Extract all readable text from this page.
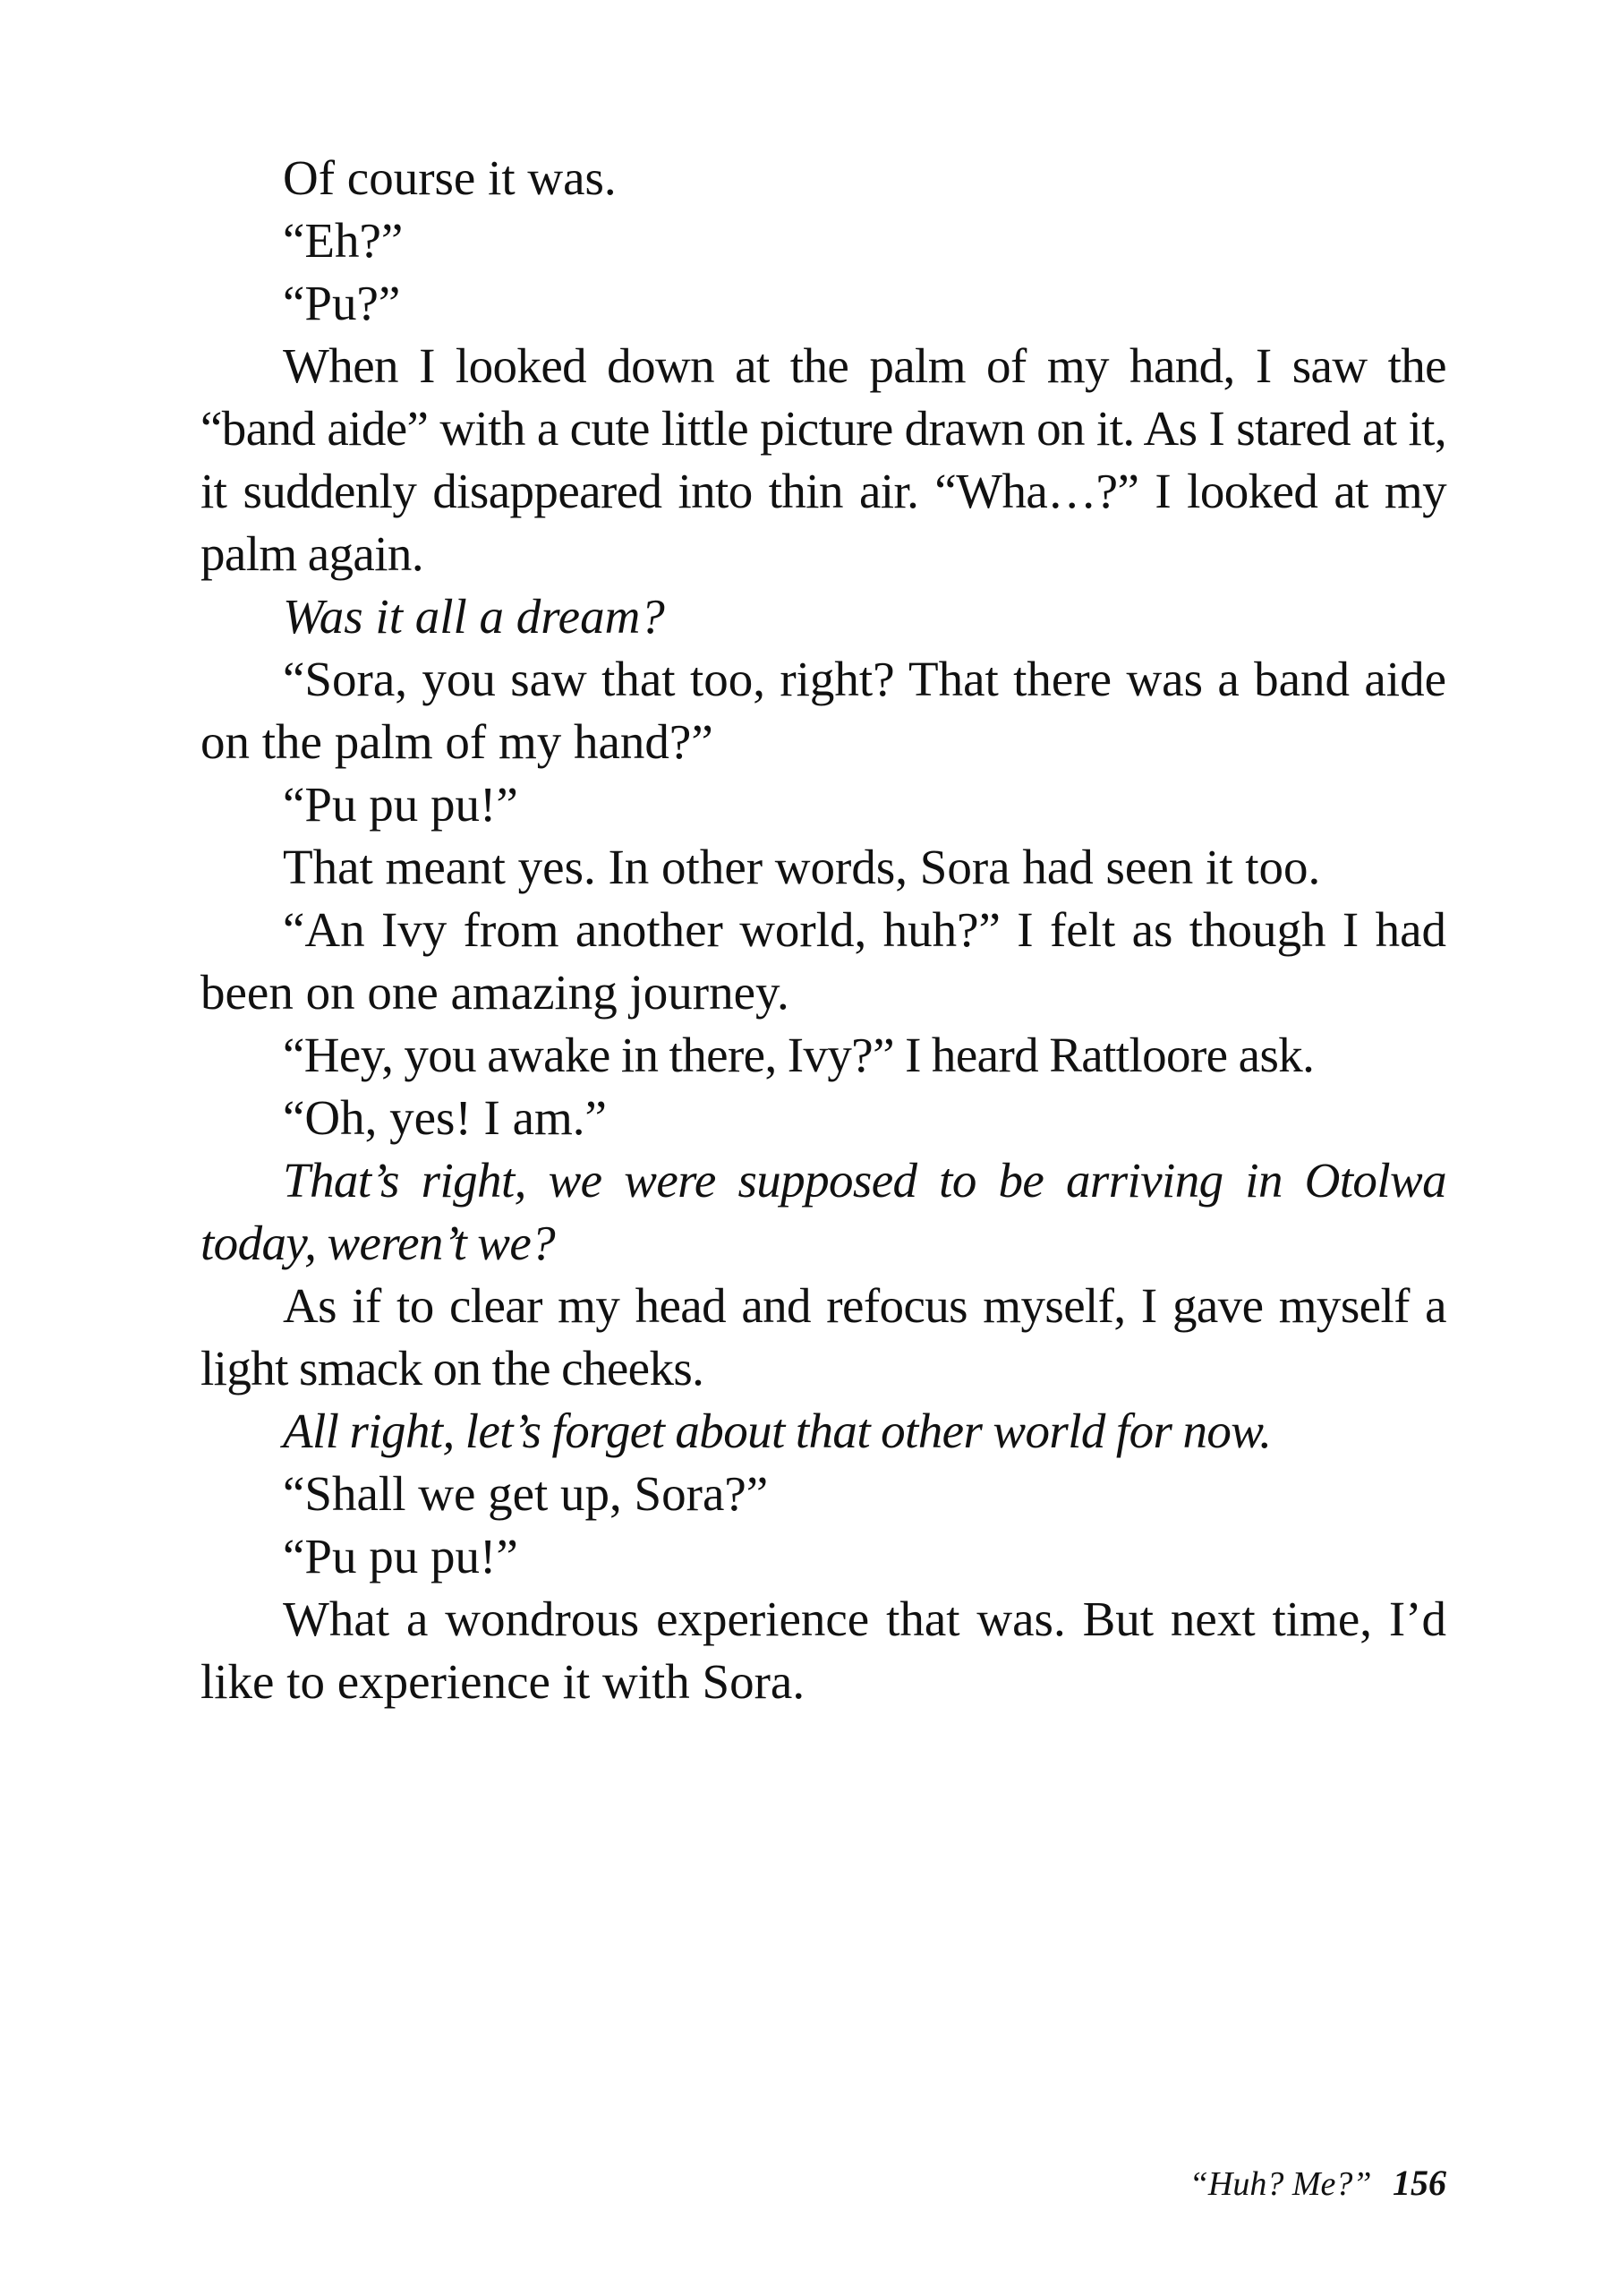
Of course it was.

“Eh?”

“Pu?”

When I looked down at the palm of my hand, I saw the “band aide” with a cute little picture drawn on it. As I stared at it, it suddenly disappeared into thin air. “Wha…?” I looked at my palm again.

Was it all a dream?

“Sora, you saw that too, right? That there was a band aide on the palm of my hand?”

“Pu pu pu!”

That meant yes. In other words, Sora had seen it too.

“An Ivy from another world, huh?” I felt as though I had been on one amazing journey.

“Hey, you awake in there, Ivy?” I heard Rattloore ask.

“Oh, yes! I am.”

That’s right, we were supposed to be arriving in Otolwa today, weren’t we?

As if to clear my head and refocus myself, I gave myself a light smack on the cheeks.

All right, let’s forget about that other world for now.

“Shall we get up, Sora?”

“Pu pu pu!”

What a wondrous experience that was. But next time, I’d like to experience it with Sora.

“Huh? Me?” 156
